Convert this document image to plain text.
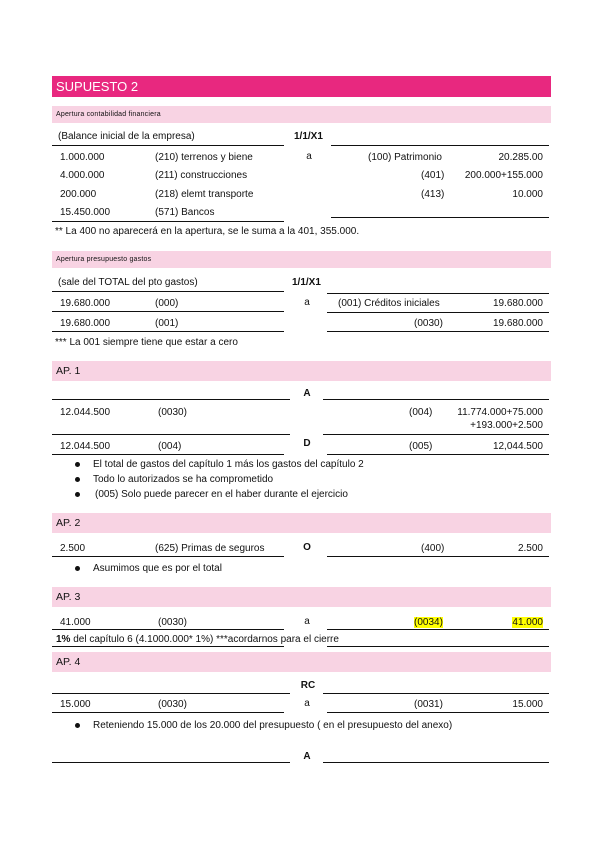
SUPUESTO 2
Apertura contabilidad financiera
(Balance inicial de la empresa)	1/1/X1
a
1.000.000	(210) terrenos y biene	(100) Patrimonio	20.285.00
4.000.000	(211) construcciones	(401) 200.000+155.000
200.000	(218) elemt transporte	(413)	10.000
15.450.000	(571) Bancos
** La 400 no aparecerá en la apertura, se le suma a la 401, 355.000.
Apertura presupuesto gastos
(sale del TOTAL del pto gastos)	1/1/X1
a
19.680.000	(000)	(001) Créditos iniciales	19.680.000
19.680.000	(001)	(0030)	19.680.000
*** La 001 siempre tiene que estar a cero
AP. 1
A
12.044.500	(0030)	(004) 11.774.000+75.000
+193.000+2.500
D
12.044.500	(004)	(005)	12,044.500
El total de gastos del capítulo 1 más los gastos del capítulo 2
Todo lo autorizados se ha comprometido
(005) Solo puede parecer en el haber durante el ejercicio
AP. 2
2.500	(625) Primas de seguros	O	(400)	2.500
Asumimos que es por el total
AP. 3
41.000	(0030)	a	(0034)	41.000
1% del capítulo 6 (4.1000.000* 1%) ***acordarnos para el cierre
AP. 4
RC
15.000	(0030)	a	(0031)	15.000
Reteniendo 15.000 de los 20.000 del presupuesto ( en el presupuesto del anexo)
A
